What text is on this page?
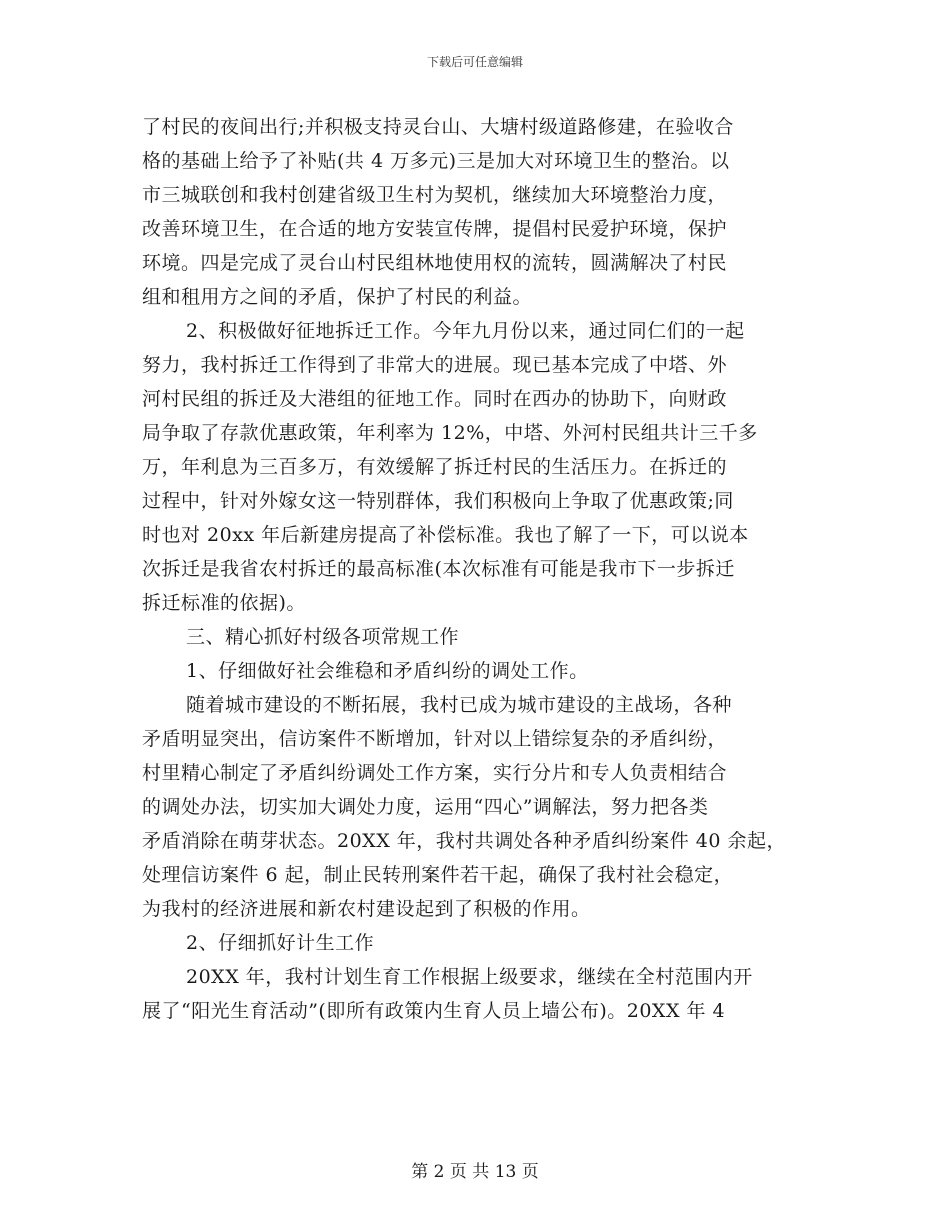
下载后可任意编辑
了村民的夜间出行;并积极支持灵台山、大塘村级道路修建，在验收合
格的基础上给予了补贴(共 4 万多元)三是加大对环境卫生的整治。以
市三城联创和我村创建省级卫生村为契机，继续加大环境整治力度，
改善环境卫生，在合适的地方安装宣传牌，提倡村民爱护环境，保护
环境。四是完成了灵台山村民组林地使用权的流转，圆满解决了村民
组和租用方之间的矛盾，保护了村民的利益。
2、积极做好征地拆迁工作。今年九月份以来，通过同仁们的一起
努力，我村拆迁工作得到了非常大的进展。现已基本完成了中塔、外
河村民组的拆迁及大港组的征地工作。同时在西办的协助下，向财政
局争取了存款优惠政策，年利率为 12%，中塔、外河村民组共计三千多
万，年利息为三百多万，有效缓解了拆迁村民的生活压力。在拆迁的
过程中，针对外嫁女这一特别群体，我们积极向上争取了优惠政策;同
时也对 20xx 年后新建房提高了补偿标准。我也了解了一下，可以说本
次拆迁是我省农村拆迁的最高标准(本次标准有可能是我市下一步拆迁
拆迁标准的依据)。
三、精心抓好村级各项常规工作
1、仔细做好社会维稳和矛盾纠纷的调处工作。
随着城市建设的不断拓展，我村已成为城市建设的主战场，各种
矛盾明显突出，信访案件不断增加，针对以上错综复杂的矛盾纠纷，
村里精心制定了矛盾纠纷调处工作方案，实行分片和专人负责相结合
的调处办法，切实加大调处力度，运用“四心”调解法，努力把各类
矛盾消除在萌芽状态。20XX 年，我村共调处各种矛盾纠纷案件 40 余起，
处理信访案件 6 起，制止民转刑案件若干起，确保了我村社会稳定，
为我村的经济进展和新农村建设起到了积极的作用。
2、仔细抓好计生工作
20XX 年，我村计划生育工作根据上级要求，继续在全村范围内开
展了“阳光生育活动”(即所有政策内生育人员上墙公布)。20XX 年 4
第 2 页 共 13 页
